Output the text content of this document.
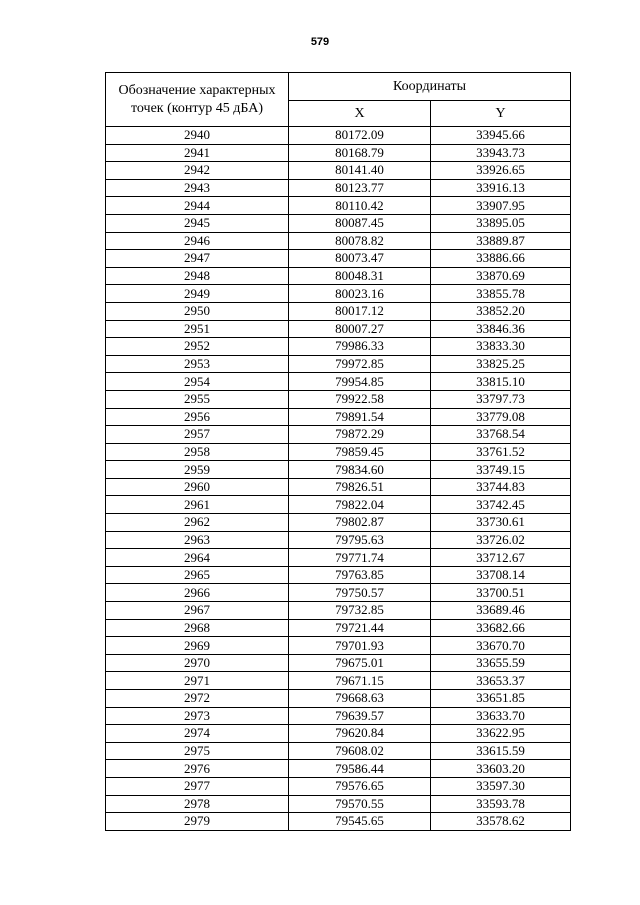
579
Обозначение характерных точек (контур 45 дБА)	Координаты	
	X	Y
2940	80172.09	33945.66
2941	80168.79	33943.73
2942	80141.40	33926.65
2943	80123.77	33916.13
2944	80110.42	33907.95
2945	80087.45	33895.05
2946	80078.82	33889.87
2947	80073.47	33886.66
2948	80048.31	33870.69
2949	80023.16	33855.78
2950	80017.12	33852.20
2951	80007.27	33846.36
2952	79986.33	33833.30
2953	79972.85	33825.25
2954	79954.85	33815.10
2955	79922.58	33797.73
2956	79891.54	33779.08
2957	79872.29	33768.54
2958	79859.45	33761.52
2959	79834.60	33749.15
2960	79826.51	33744.83
2961	79822.04	33742.45
2962	79802.87	33730.61
2963	79795.63	33726.02
2964	79771.74	33712.67
2965	79763.85	33708.14
2966	79750.57	33700.51
2967	79732.85	33689.46
2968	79721.44	33682.66
2969	79701.93	33670.70
2970	79675.01	33655.59
2971	79671.15	33653.37
2972	79668.63	33651.85
2973	79639.57	33633.70
2974	79620.84	33622.95
2975	79608.02	33615.59
2976	79586.44	33603.20
2977	79576.65	33597.30
2978	79570.55	33593.78
2979	79545.65	33578.62
